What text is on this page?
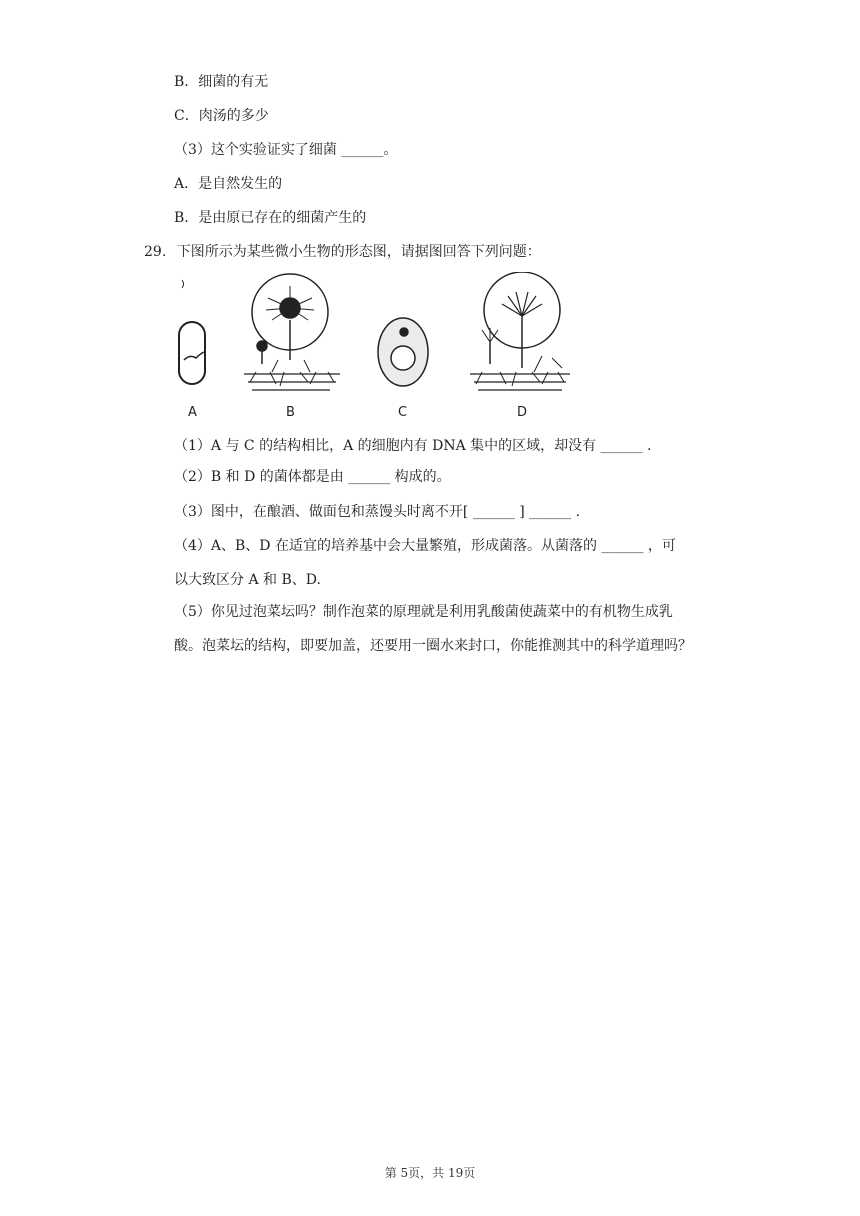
B．细菌的有无
C．肉汤的多少
（3）这个实验证实了细菌 ______。
A．是自然发生的
B．是由原已存在的细菌产生的
29. 下图所示为某些微小生物的形态图，请据图回答下列问题：
A	B	C	D
（1）A 与 C 的结构相比，A 的细胞内有 DNA 集中的区域，却没有 ______ .
（2）B 和 D 的菌体都是由 ______ 构成的。
（3）图中，在酿酒、做面包和蒸馒头时离不开[ ______ ] ______ .
（4）A、B、D 在适宜的培养基中会大量繁殖，形成菌落。从菌落的 ______ ，可
以大致区分 A 和 B、D.
（5）你见过泡菜坛吗？制作泡菜的原理就是利用乳酸菌使蔬菜中的有机物生成乳
酸。泡菜坛的结构，即要加盖，还要用一圈水来封口，你能推测其中的科学道理吗？
第 5页，共 19页
